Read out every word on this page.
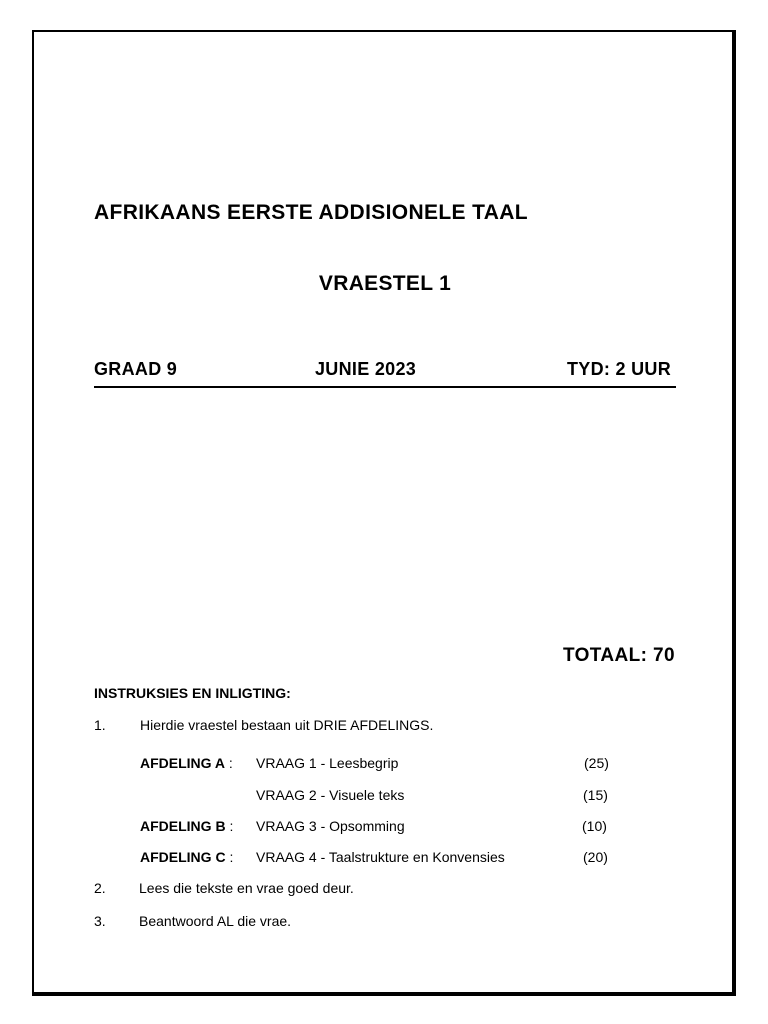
AFRIKAANS EERSTE ADDISIONELE TAAL
VRAESTEL 1
GRAAD 9	JUNIE 2023	TYD: 2 UUR
TOTAAL: 70
INSTRUKSIES EN INLIGTING:
1. Hierdie vraestel bestaan uit DRIE AFDELINGS.
AFDELING A : VRAAG 1 - Leesbegrip	(25)
VRAAG 2 - Visuele teks	(15)
AFDELING B : VRAAG 3 - Opsomming	(10)
AFDELING C : VRAAG 4 - Taalstrukture en Konvensies	(20)
2. Lees die tekste en vrae goed deur.
3. Beantwoord AL die vrae.
